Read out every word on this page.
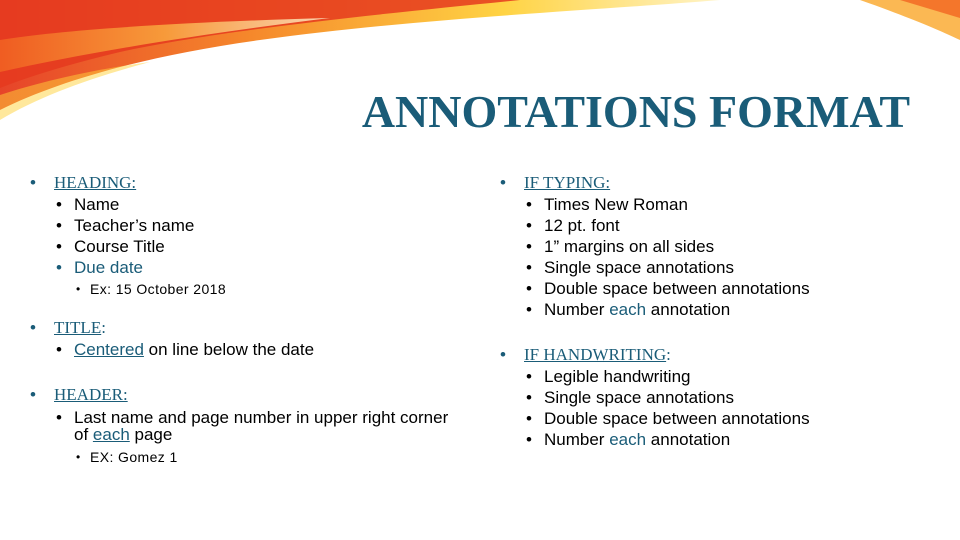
ANNOTATIONS FORMAT
• HEADING:
• Name
• Teacher’s name
• Course Title
• Due date
• Ex: 15 October 2018
• TITLE:
• Centered on line below the date
• HEADER:
• Last name and page number in upper right corner of each page
• EX: Gomez 1
• IF TYPING:
• Times New Roman
• 12 pt. font
• 1” margins on all sides
• Single space annotations
• Double space between annotations
• Number each annotation
• IF HANDWRITING:
• Legible handwriting
• Single space annotations
• Double space between annotations
• Number each annotation
